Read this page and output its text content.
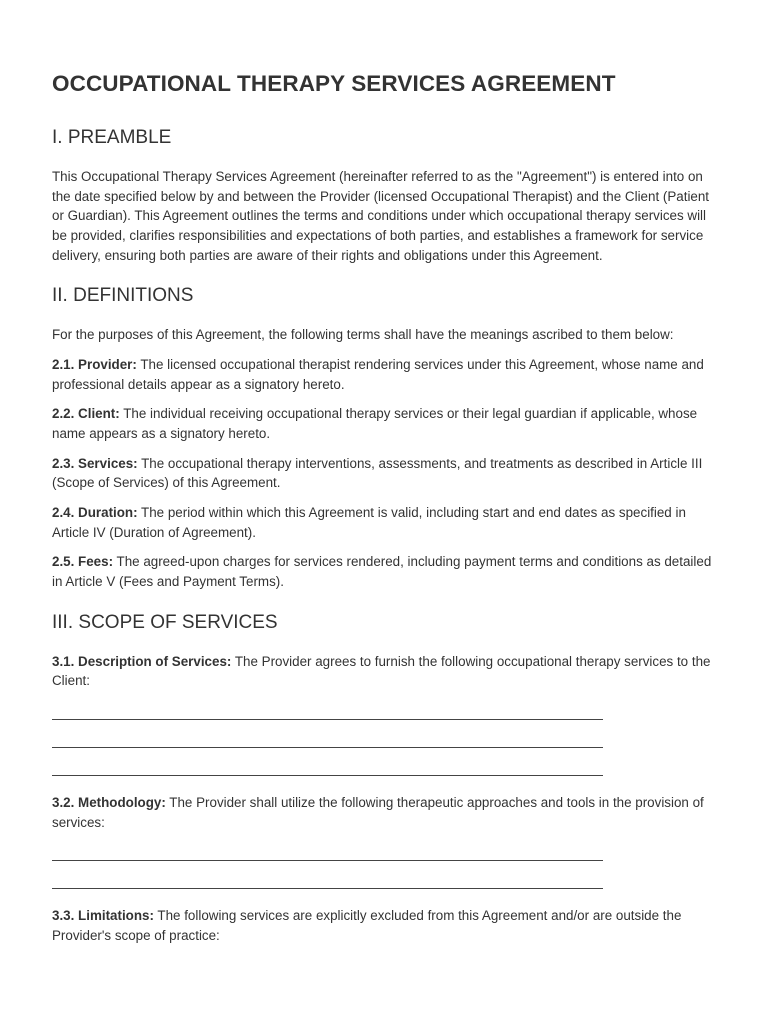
OCCUPATIONAL THERAPY SERVICES AGREEMENT
I. PREAMBLE

This Occupational Therapy Services Agreement (hereinafter referred to as the "Agreement") is entered into on the date specified below by and between the Provider (licensed Occupational Therapist) and the Client (Patient or Guardian). This Agreement outlines the terms and conditions under which occupational therapy services will be provided, clarifies responsibilities and expectations of both parties, and establishes a framework for service delivery, ensuring both parties are aware of their rights and obligations under this Agreement.

II. DEFINITIONS

For the purposes of this Agreement, the following terms shall have the meanings ascribed to them below:

2.1. Provider: The licensed occupational therapist rendering services under this Agreement, whose name and professional details appear as a signatory hereto.

2.2. Client: The individual receiving occupational therapy services or their legal guardian if applicable, whose name appears as a signatory hereto.

2.3. Services: The occupational therapy interventions, assessments, and treatments as described in Article III (Scope of Services) of this Agreement.

2.4. Duration: The period within which this Agreement is valid, including start and end dates as specified in Article IV (Duration of Agreement).

2.5. Fees: The agreed-upon charges for services rendered, including payment terms and conditions as detailed in Article V (Fees and Payment Terms).

III. SCOPE OF SERVICES

3.1. Description of Services: The Provider agrees to furnish the following occupational therapy services to the Client:

3.2. Methodology: The Provider shall utilize the following therapeutic approaches and tools in the provision of services:

3.3. Limitations: The following services are explicitly excluded from this Agreement and/or are outside the Provider's scope of practice:
